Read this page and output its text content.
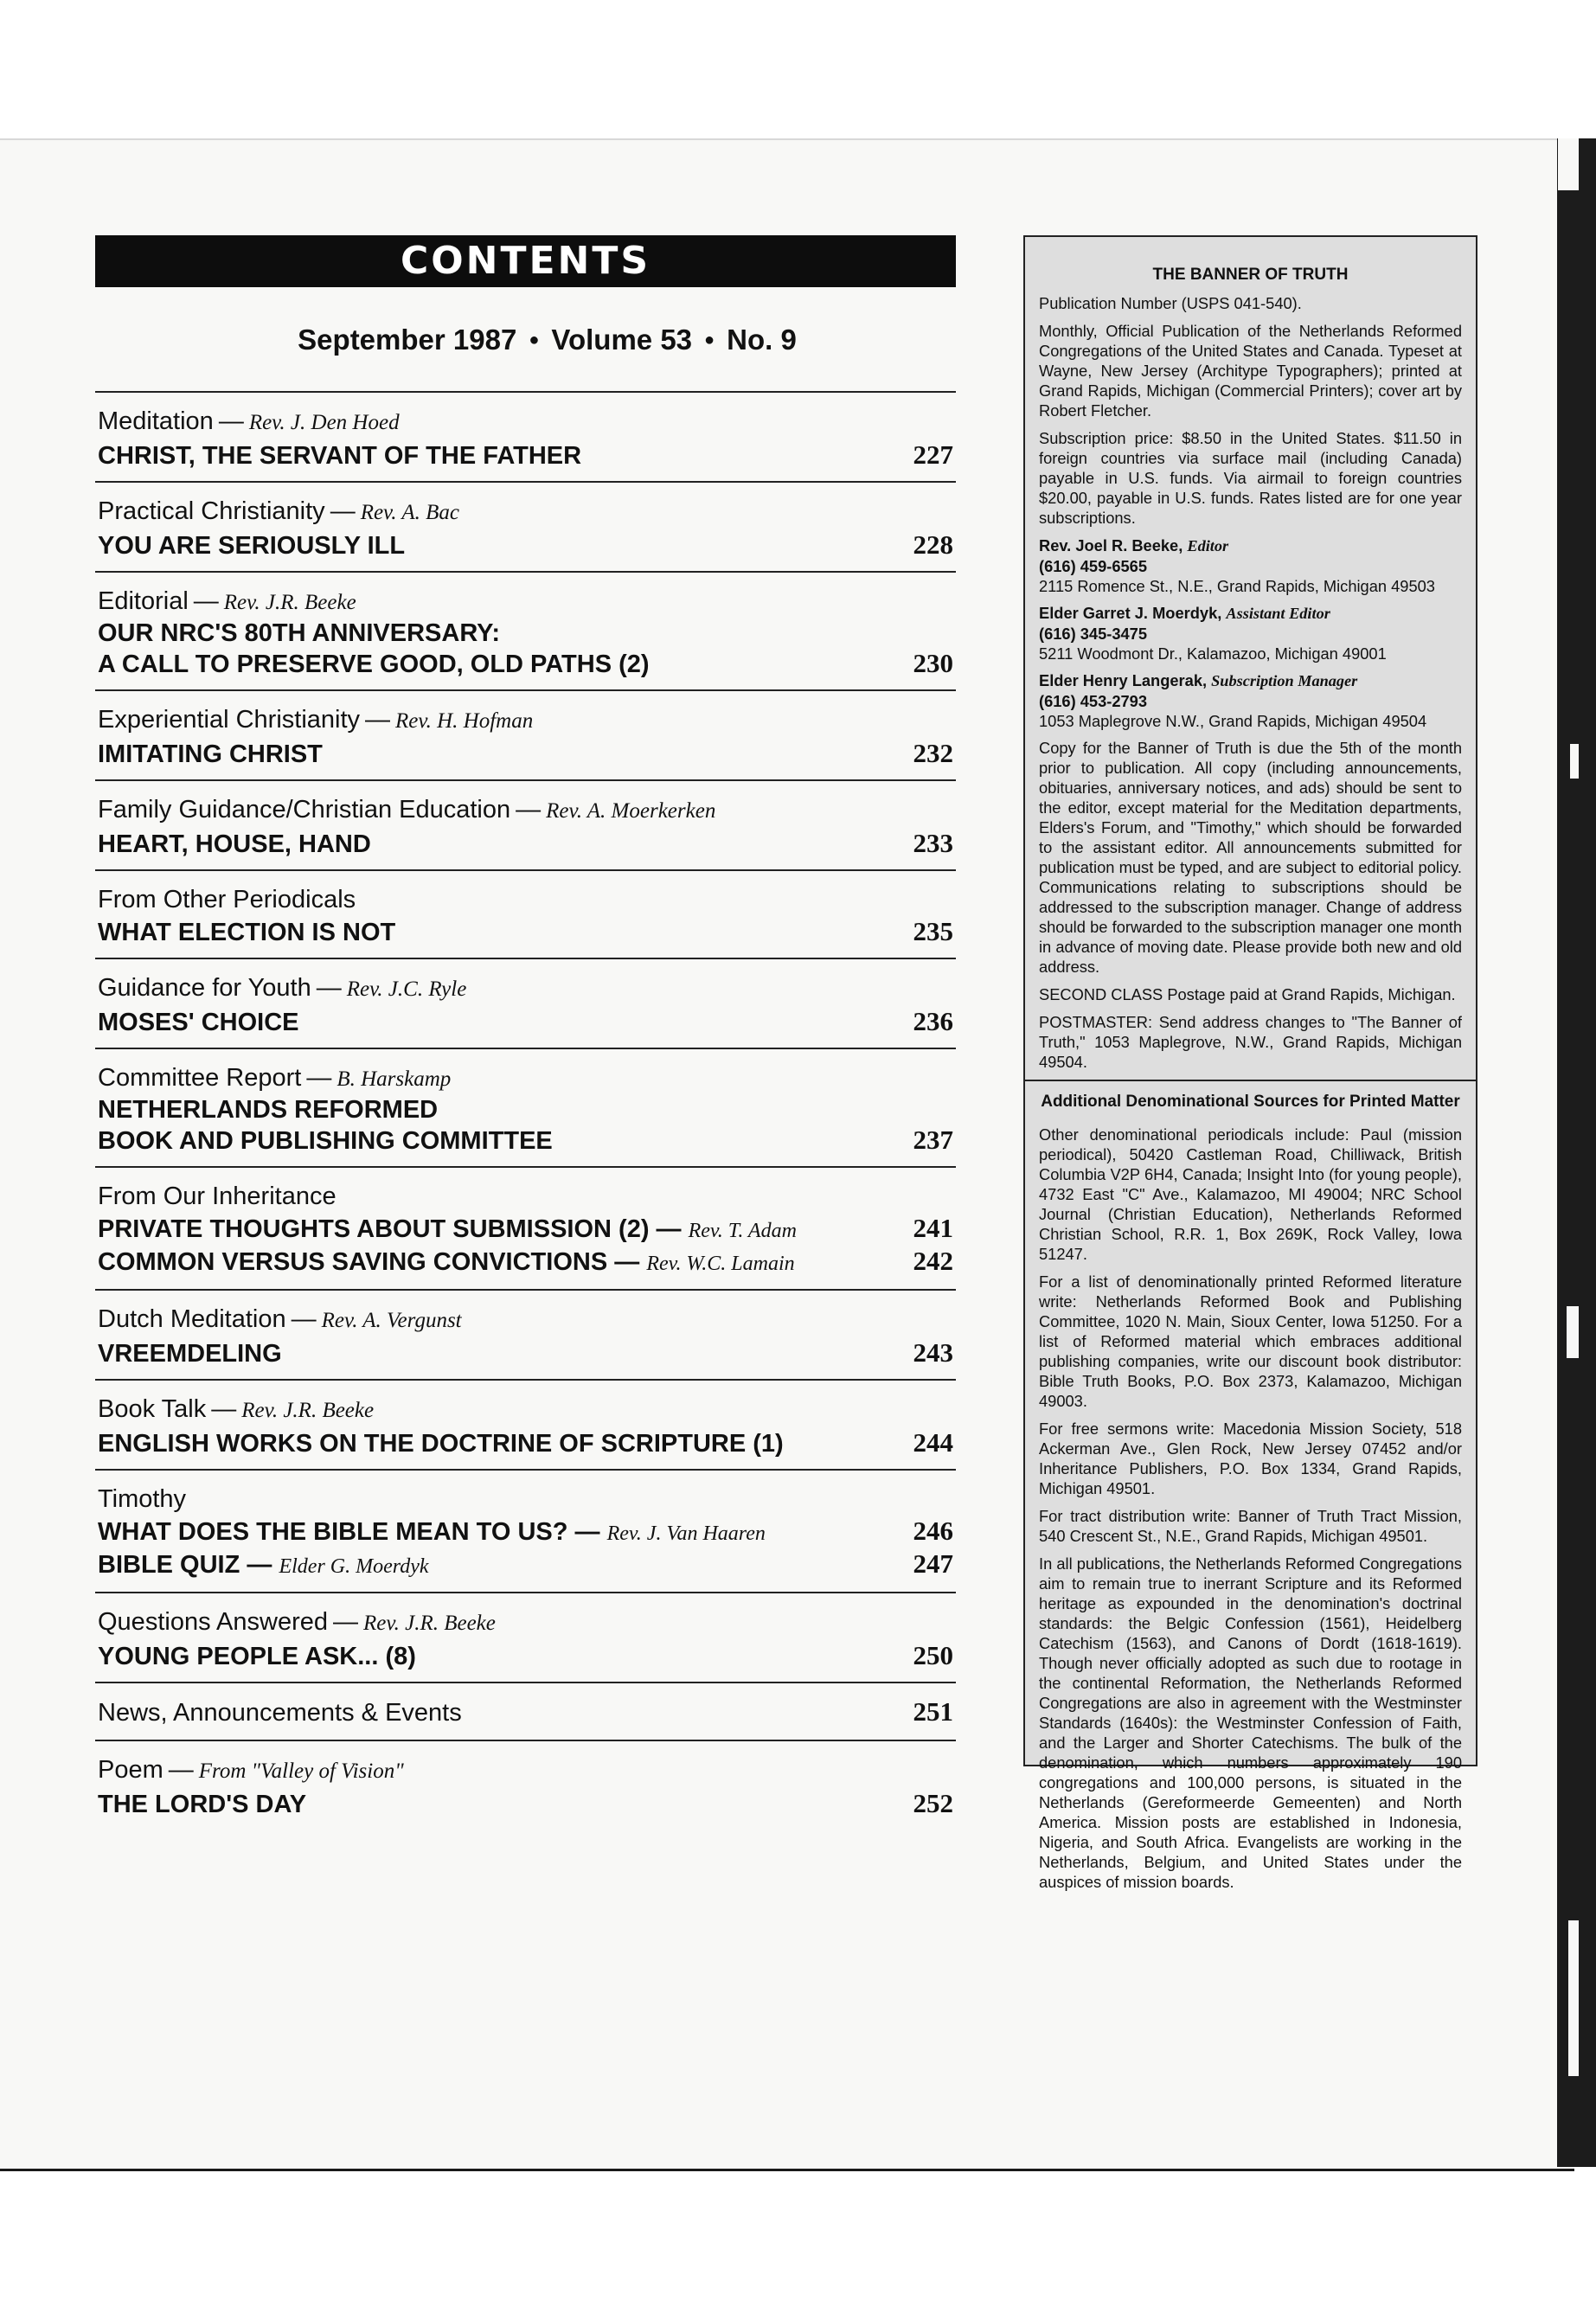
CONTENTS
September 1987 ● Volume 53 ● No. 9
Meditation — Rev. J. Den Hoed
CHRIST, THE SERVANT OF THE FATHER	227
Practical Christianity — Rev. A. Bac
YOU ARE SERIOUSLY ILL	228
Editorial — Rev. J.R. Beeke
OUR NRC'S 80TH ANNIVERSARY:
A CALL TO PRESERVE GOOD, OLD PATHS (2)	230
Experiential Christianity — Rev. H. Hofman
IMITATING CHRIST	232
Family Guidance/Christian Education — Rev. A. Moerkerken
HEART, HOUSE, HAND	233
From Other Periodicals
WHAT ELECTION IS NOT	235
Guidance for Youth — Rev. J.C. Ryle
MOSES' CHOICE	236
Committee Report — B. Harskamp
NETHERLANDS REFORMED
BOOK AND PUBLISHING COMMITTEE	237
From Our Inheritance
PRIVATE THOUGHTS ABOUT SUBMISSION (2) — Rev. T. Adam	241
COMMON VERSUS SAVING CONVICTIONS — Rev. W.C. Lamain	242
Dutch Meditation — Rev. A. Vergunst
VREEMDELING	243
Book Talk — Rev. J.R. Beeke
ENGLISH WORKS ON THE DOCTRINE OF SCRIPTURE (1)	244
Timothy
WHAT DOES THE BIBLE MEAN TO US? — Rev. J. Van Haaren	246
BIBLE QUIZ — Elder G. Moerdyk	247
Questions Answered — Rev. J.R. Beeke
YOUNG PEOPLE ASK... (8)	250
News, Announcements & Events	251
Poem — From "Valley of Vision"
THE LORD'S DAY	252
THE BANNER OF TRUTH

Publication Number (USPS 041-540).

Monthly, Official Publication of the Netherlands Reformed Congregations of the United States and Canada. Typeset at Wayne, New Jersey (Architype Typographers); printed at Grand Rapids, Michigan (Commercial Printers); cover art by Robert Fletcher.

Subscription price: $8.50 in the United States. $11.50 in foreign countries via surface mail (including Canada) payable in U.S. funds. Via airmail to foreign countries $20.00, payable in U.S. funds. Rates listed are for one year subscriptions.

Rev. Joel R. Beeke, Editor
(616) 459-6565
2115 Romence St., N.E., Grand Rapids, Michigan 49503
Elder Garret J. Moerdyk, Assistant Editor
(616) 345-3475
5211 Woodmont Dr., Kalamazoo, Michigan 49001
Elder Henry Langerak, Subscription Manager
(616) 453-2793
1053 Maplegrove N.W., Grand Rapids, Michigan 49504

Copy for the Banner of Truth is due the 5th of the month prior to publication. All copy (including announcements, obituaries, anniversary notices, and ads) should be sent to the editor, except material for the Meditation departments, Elders's Forum, and "Timothy," which should be forwarded to the assistant editor. All announcements submitted for publication must be typed, and are subject to editorial policy. Communications relating to subscriptions should be addressed to the subscription manager. Change of address should be forwarded to the subscription manager one month in advance of moving date. Please provide both new and old address.

SECOND CLASS Postage paid at Grand Rapids, Michigan.

POSTMASTER: Send address changes to "The Banner of Truth," 1053 Maplegrove, N.W., Grand Rapids, Michigan 49504.

Additional Denominational Sources for Printed Matter

Other denominational periodicals include: Paul (mission periodical), 50420 Castleman Road, Chilliwack, British Columbia V2P 6H4, Canada; Insight Into (for young people), 4732 East "C" Ave., Kalamazoo, MI 49004; NRC School Journal (Christian Education), Netherlands Reformed Christian School, R.R. 1, Box 269K, Rock Valley, Iowa 51247.

For a list of denominationally printed Reformed literature write: Netherlands Reformed Book and Publishing Committee, 1020 N. Main, Sioux Center, Iowa 51250. For a list of Reformed material which embraces additional publishing companies, write our discount book distributor: Bible Truth Books, P.O. Box 2373, Kalamazoo, Michigan 49003.

For free sermons write: Macedonia Mission Society, 518 Ackerman Ave., Glen Rock, New Jersey 07452 and/or Inheritance Publishers, P.O. Box 1334, Grand Rapids, Michigan 49501.

For tract distribution write: Banner of Truth Tract Mission, 540 Crescent St., N.E., Grand Rapids, Michigan 49501.

In all publications, the Netherlands Reformed Congregations aim to remain true to inerrant Scripture and its Reformed heritage as expounded in the denomination's doctrinal standards: the Belgic Confession (1561), Heidelberg Catechism (1563), and Canons of Dordt (1618-1619). Though never officially adopted as such due to rootage in the continental Reformation, the Netherlands Reformed Congregations are also in agreement with the Westminster Standards (1640s): the Westminster Confession of Faith, and the Larger and Shorter Catechisms. The bulk of the denomination, which numbers approximately 190 congregations and 100,000 persons, is situated in the Netherlands (Gereformeerde Gemeenten) and North America. Mission posts are established in Indonesia, Nigeria, and South Africa. Evangelists are working in the Netherlands, Belgium, and United States under the auspices of mission boards.
